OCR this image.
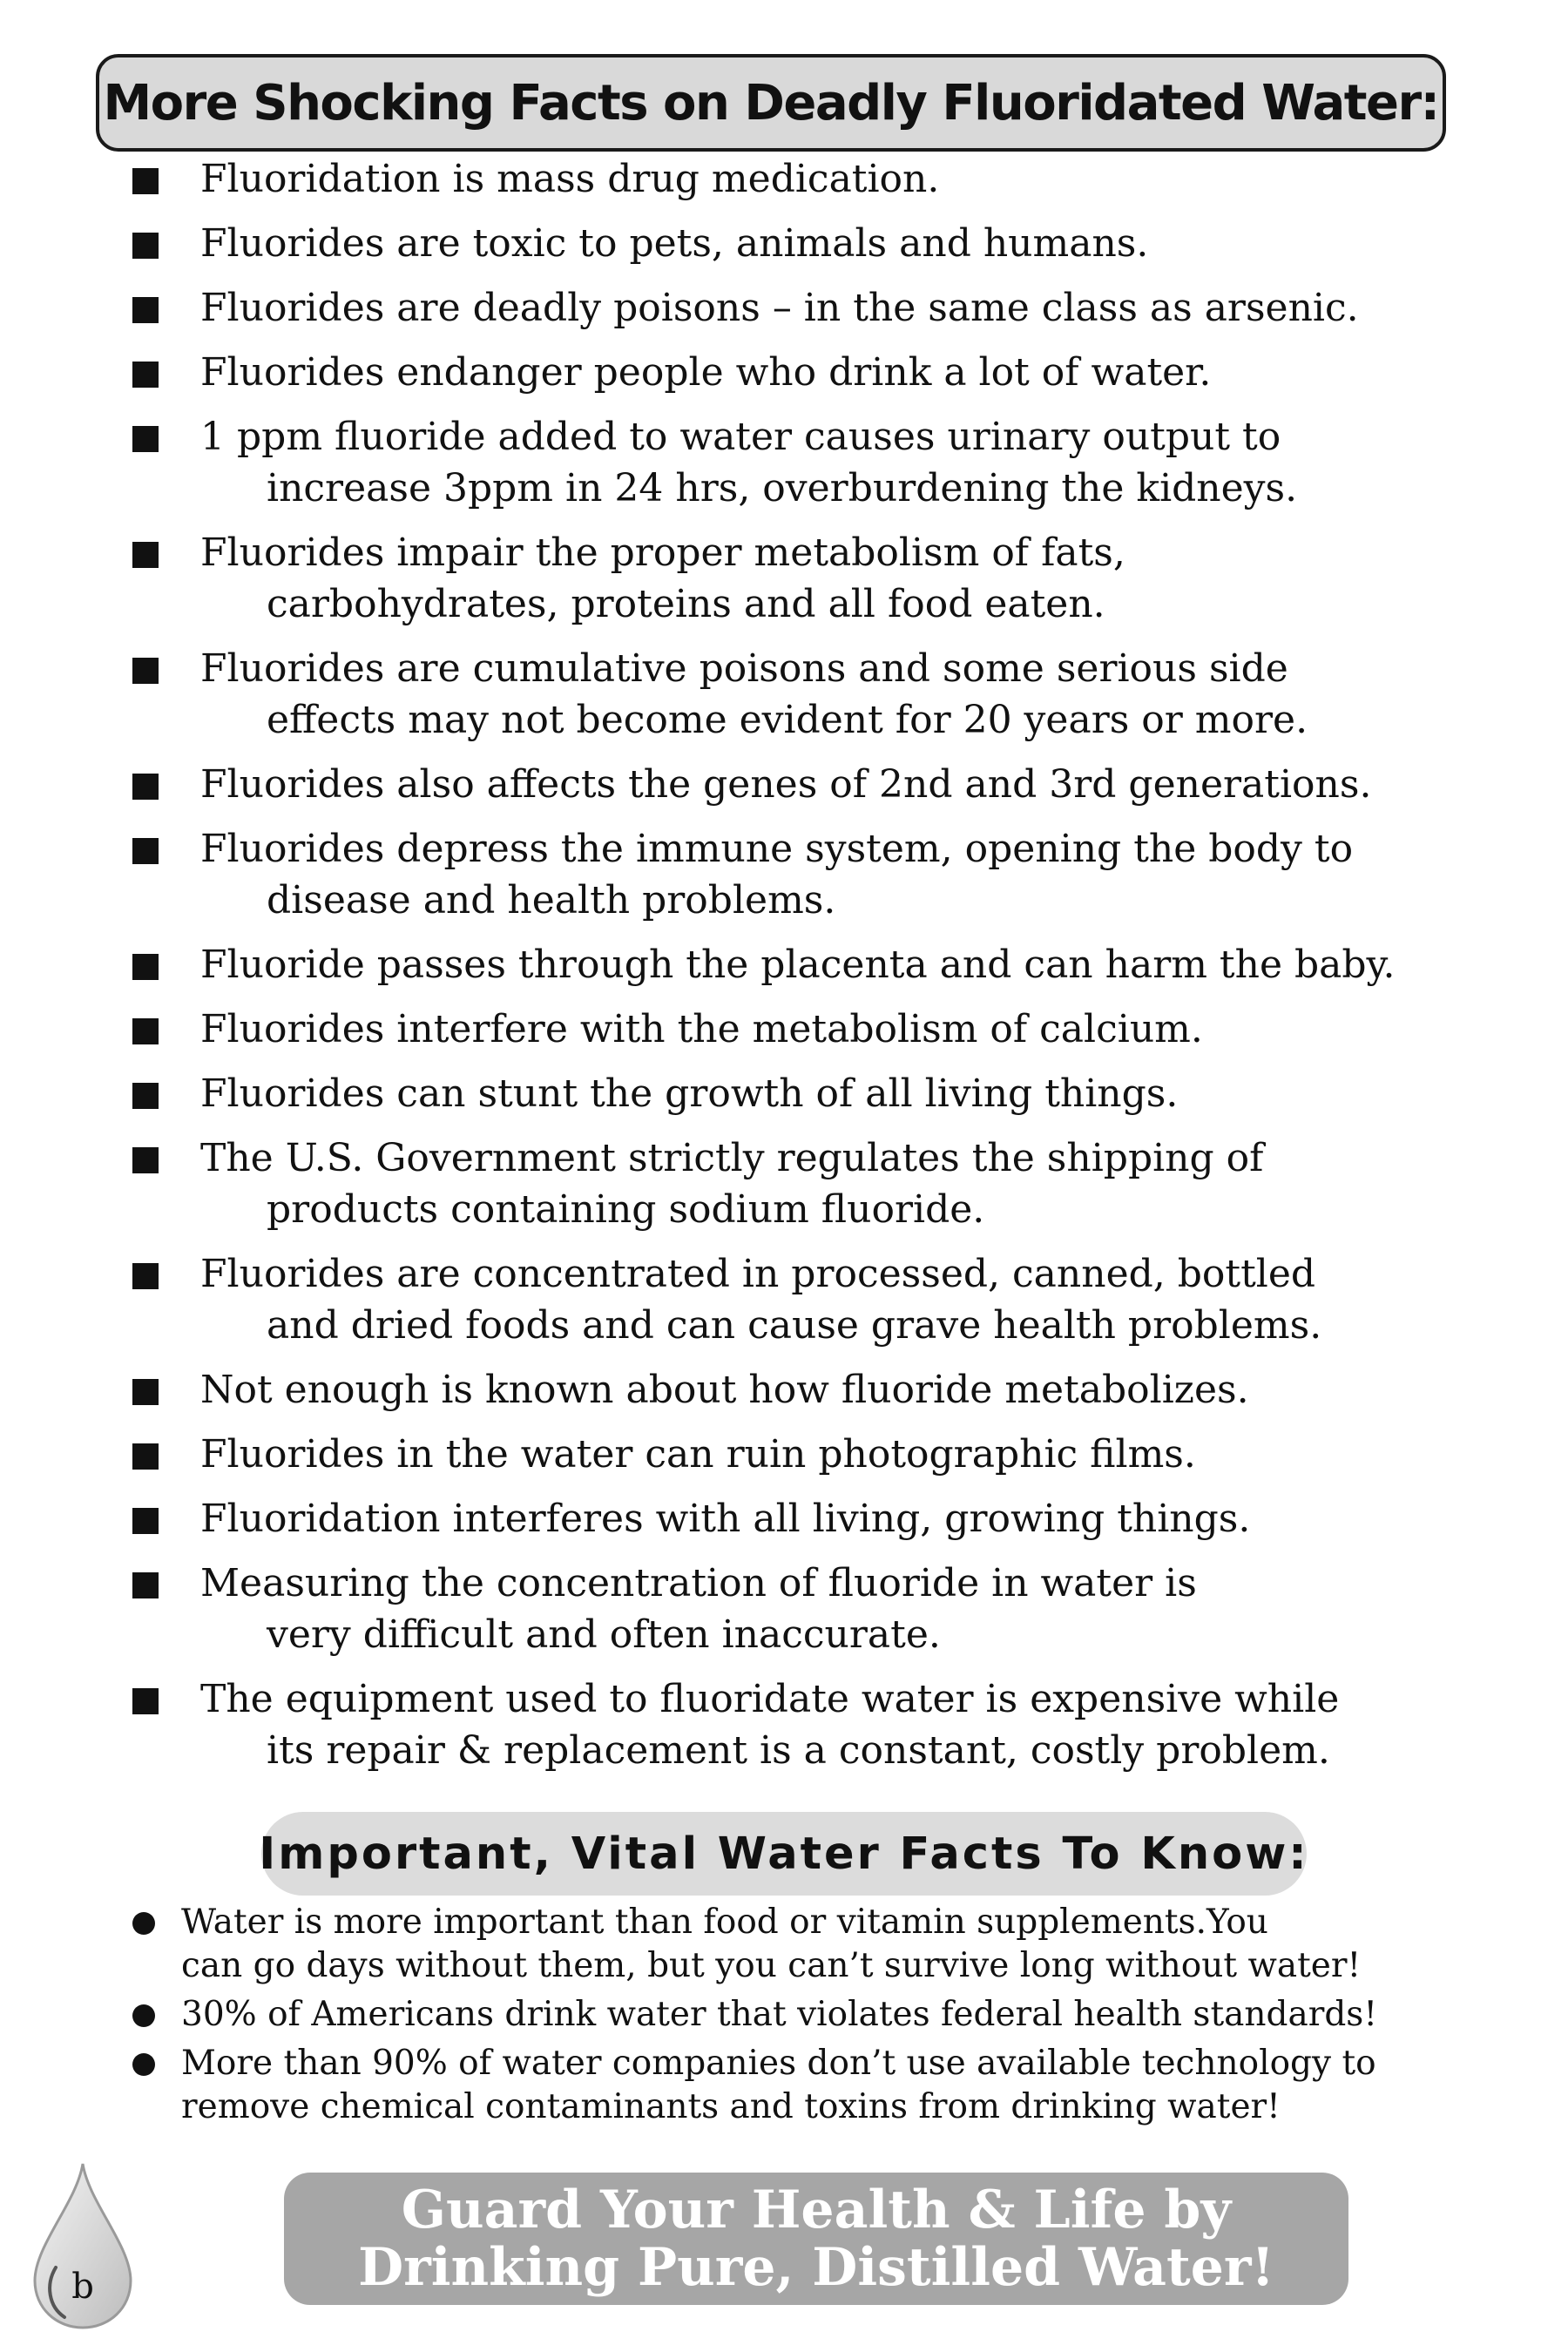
More Shocking Facts on Deadly Fluoridated Water:
Fluoridation is mass drug medication.
Fluorides are toxic to pets, animals and humans.
Fluorides are deadly poisons – in the same class as arsenic.
Fluorides endanger people who drink a lot of water.
1 ppm fluoride added to water causes urinary output to
increase 3ppm in 24 hrs, overburdening the kidneys.
Fluorides impair the proper metabolism of fats,
carbohydrates, proteins and all food eaten.
Fluorides are cumulative poisons and some serious side
effects may not become evident for 20 years or more.
Fluorides also affects the genes of 2nd and 3rd generations.
Fluorides depress the immune system, opening the body to
disease and health problems.
Fluoride passes through the placenta and can harm the baby.
Fluorides interfere with the metabolism of calcium.
Fluorides can stunt the growth of all living things.
The U.S. Government strictly regulates the shipping of
products containing sodium fluoride.
Fluorides are concentrated in processed, canned, bottled
and dried foods and can cause grave health problems.
Not enough is known about how fluoride metabolizes.
Fluorides in the water can ruin photographic films.
Fluoridation interferes with all living, growing things.
Measuring the concentration of fluoride in water is
very difficult and often inaccurate.
The equipment used to fluoridate water is expensive while
its repair & replacement is a constant, costly problem.
Important, Vital Water Facts To Know:
Water is more important than food or vitamin supplements.You
can go days without them, but you can’t survive long without water!
30% of Americans drink water that violates federal health standards!
More than 90% of water companies don’t use available technology to
remove chemical contaminants and toxins from drinking water!
b
Guard Your Health & Life by
Drinking Pure, Distilled Water!
